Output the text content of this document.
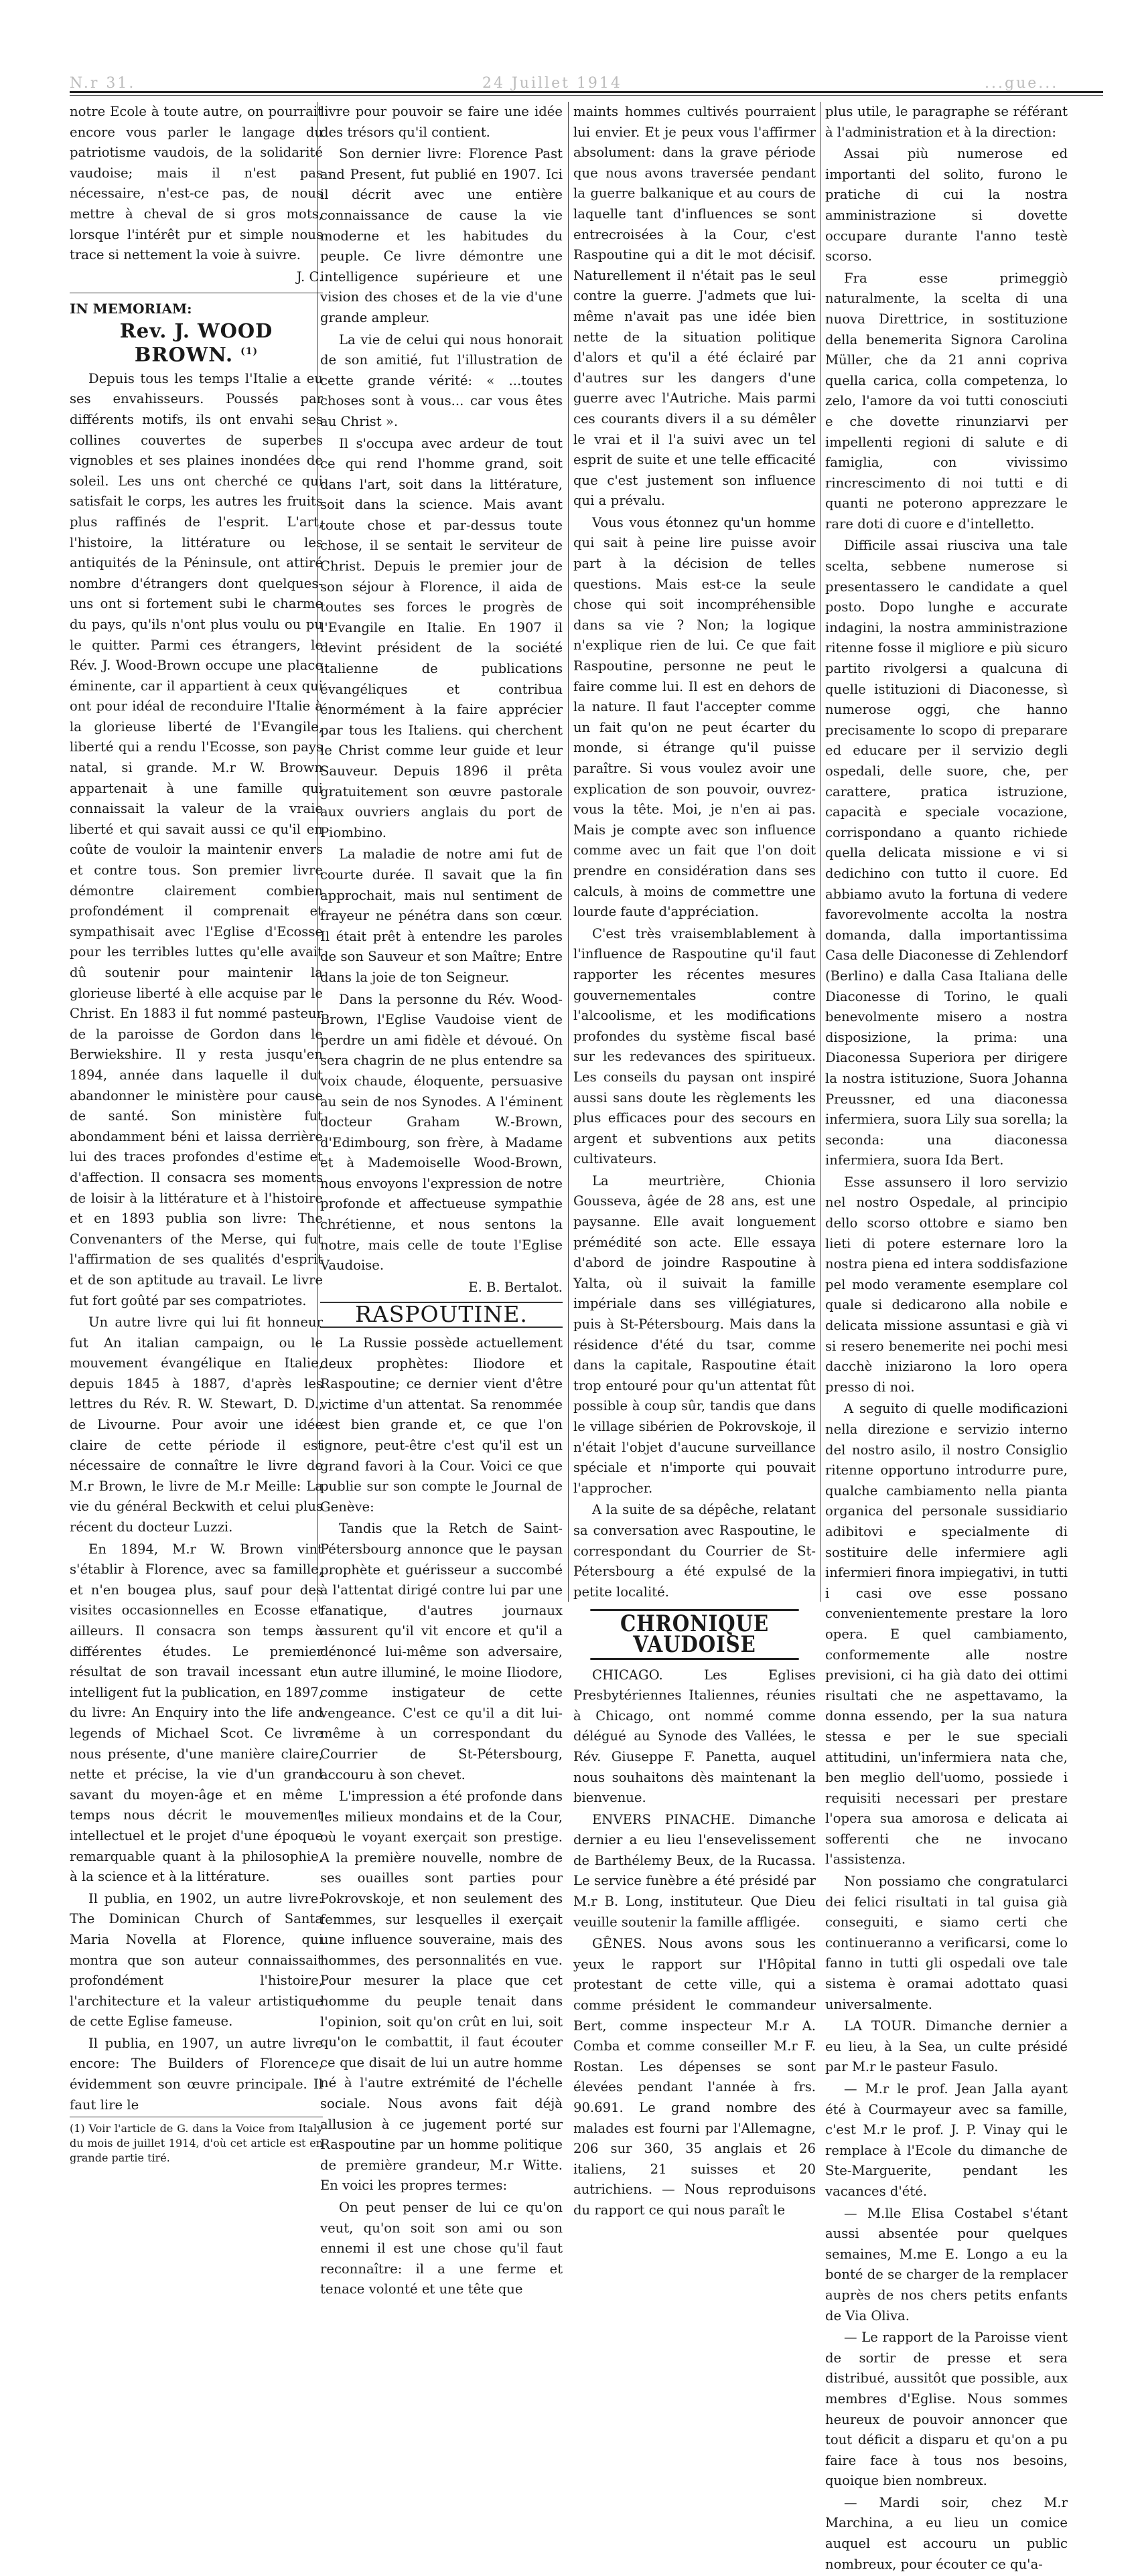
N.r 31.	24 Juillet 1914	...gue...

notre Ecole à toute autre, on pourrait encore vous parler le langage du patriotisme vaudois, de la solidarité vaudoise; mais il n'est pas nécessaire, n'est-ce pas, de nous mettre à cheval de si gros mots, lorsque l'intérêt pur et simple nous trace si nettement la voie à suivre.

J. C.

IN MEMORIAM:

Rev. J. WOOD BROWN. $^{(1)}$

Depuis tous les temps l'Italie a eu ses envahisseurs. Poussés par différents motifs, ils ont envahi ses collines couvertes de superbes vignobles et ses plaines inondées de soleil. Les uns ont cherché ce qui satisfait le corps, les autres les fruits plus raffinés de l'esprit. L'art, l'histoire, la littérature ou les antiquités de la Péninsule, ont attiré nombre d'étrangers dont quelques-uns ont si fortement subi le charme du pays, qu'ils n'ont plus voulu ou pu le quitter. Parmi ces étrangers, le Rév. J. Wood-Brown occupe une place éminente, car il appartient à ceux qui ont pour idéal de reconduire l'Italie à la glorieuse liberté de l'Evangile, liberté qui a rendu l'Ecosse, son pays natal, si grande. M.r W. Brown appartenait à une famille qui connaissait la valeur de la vraie liberté et qui savait aussi ce qu'il en coûte de vouloir la maintenir envers et contre tous. Son premier livre démontre clairement combien profondément il comprenait et sympathisait avec l'Eglise d'Ecosse pour les terribles luttes qu'elle avait dû soutenir pour maintenir la glorieuse liberté à elle acquise par le Christ. En 1883 il fut nommé pasteur de la paroisse de Gordon dans le Berwiekshire. Il y resta jusqu'en 1894, année dans laquelle il dut abandonner le ministère pour cause de santé. Son ministère fut abondamment béni et laissa derrière lui des traces profondes d'estime et d'affection. Il consacra ses moments de loisir à la littérature et à l'histoire et en 1893 publia son livre: The Convenanters of the Merse, qui fut l'affirmation de ses qualités d'esprit et de son aptitude au travail. Le livre fut fort goûté par ses compatriotes.

Un autre livre qui lui fit honneur fut An italian campaign, ou le mouvement évangélique en Italie, depuis 1845 à 1887, d'après les lettres du Rév. R. W. Stewart, D. D., de Livourne. Pour avoir une idée claire de cette période il est nécessaire de connaître le livre de M.r Brown, le livre de M.r Meille: La vie du général Beckwith et celui plus récent du docteur Luzzi.

En 1894, M.r W. Brown vint s'établir à Florence, avec sa famille, et n'en bougea plus, sauf pour des visites occasionnelles en Ecosse et ailleurs. Il consacra son temps à différentes études. Le premier résultat de son travail incessant et intelligent fut la publication, en 1897, du livre: An Enquiry into the life and legends of Michael Scot. Ce livre nous présente, d'une manière claire, nette et précise, la vie d'un grand savant du moyen-âge et en même temps nous décrit le mouvement intellectuel et le projet d'une époque remarquable quant à la philosophie, à la science et à la littérature.

Il publia, en 1902, un autre livre: The Dominican Church of Santa Maria Novella at Florence, qui montra que son auteur connaissait profondément l'histoire, l'architecture et la valeur artistique de cette Eglise fameuse.

Il publia, en 1907, un autre livre encore: The Builders of Florence, évidemment son œuvre principale. Il faut lire le

(1) Voir l'article de G. dans la Voice from Italy du mois de juillet 1914, d'où cet article est en grande partie tiré.

livre pour pouvoir se faire une idée des trésors qu'il contient.

Son dernier livre: Florence Past and Present, fut publié en 1907. Ici il décrit avec une entière connaissance de cause la vie moderne et les habitudes du peuple. Ce livre démontre une intelligence supérieure et une vision des choses et de la vie d'une grande ampleur.

La vie de celui qui nous honorait de son amitié, fut l'illustration de cette grande vérité: « ...toutes choses sont à vous... car vous êtes au Christ ».

Il s'occupa avec ardeur de tout ce qui rend l'homme grand, soit dans l'art, soit dans la littérature, soit dans la science. Mais avant toute chose et par-dessus toute chose, il se sentait le serviteur de Christ. Depuis le premier jour de son séjour à Florence, il aida de toutes ses forces le progrès de l'Evangile en Italie. En 1907 il devint président de la société italienne de publications évangéliques et contribua énormément à la faire apprécier par tous les Italiens. qui cherchent le Christ comme leur guide et leur Sauveur. Depuis 1896 il prêta gratuitement son œuvre pastorale aux ouvriers anglais du port de Piombino.

La maladie de notre ami fut de courte durée. Il savait que la fin approchait, mais nul sentiment de frayeur ne pénétra dans son cœur. Il était prêt à entendre les paroles de son Sauveur et son Maître; Entre dans la joie de ton Seigneur.

Dans la personne du Rév. Wood-Brown, l'Eglise Vaudoise vient de perdre un ami fidèle et dévoué. On sera chagrin de ne plus entendre sa voix chaude, éloquente, persuasive au sein de nos Synodes. A l'éminent docteur Graham W.-Brown, d'Edimbourg, son frère, à Madame et à Mademoiselle Wood-Brown, nous envoyons l'expression de notre profonde et affectueuse sympathie chrétienne, et nous sentons la notre, mais celle de toute l'Eglise Vaudoise.

E. B. Bertalot.

RASPOUTINE.

La Russie possède actuellement deux prophètes: Iliodore et Raspoutine; ce dernier vient d'être victime d'un attentat. Sa renommée est bien grande et, ce que l'on ignore, peut-être c'est qu'il est un grand favori à la Cour. Voici ce que publie sur son compte le Journal de Genève:

Tandis que la Retch de Saint-Pétersbourg annonce que le paysan prophète et guérisseur a succombé à l'attentat dirigé contre lui par une fanatique, d'autres journaux assurent qu'il vit encore et qu'il a dénoncé lui-même son adversaire, un autre illuminé, le moine Iliodore, comme instigateur de cette vengeance. C'est ce qu'il a dit lui-même à un correspondant du Courrier de St-Pétersbourg, accouru à son chevet.

L'impression a été profonde dans les milieux mondains et de la Cour, où le voyant exerçait son prestige. A la première nouvelle, nombre de ses ouailles sont parties pour Pokrovskoje, et non seulement des femmes, sur lesquelles il exerçait une influence souveraine, mais des hommes, des personnalités en vue. Pour mesurer la place que cet homme du peuple tenait dans l'opinion, soit qu'on crût en lui, soit qu'on le combattit, il faut écouter ce que disait de lui un autre homme né à l'autre extrémité de l'échelle sociale. Nous avons fait déjà allusion à ce jugement porté sur Raspoutine par un homme politique de première grandeur, M.r Witte. En voici les propres termes:

On peut penser de lui ce qu'on veut, qu'on soit son ami ou son ennemi il est une chose qu'il faut reconnaître: il a une ferme et tenace volonté et une tête que

maints hommes cultivés pourraient lui envier. Et je peux vous l'affirmer absolument: dans la grave période que nous avons traversée pendant la guerre balkanique et au cours de laquelle tant d'influences se sont entrecroisées à la Cour, c'est Raspoutine qui a dit le mot décisif. Naturellement il n'était pas le seul contre la guerre. J'admets que lui-même n'avait pas une idée bien nette de la situation politique d'alors et qu'il a été éclairé par d'autres sur les dangers d'une guerre avec l'Autriche. Mais parmi ces courants divers il a su démêler le vrai et il l'a suivi avec un tel esprit de suite et une telle efficacité que c'est justement son influence qui a prévalu.

Vous vous étonnez qu'un homme qui sait à peine lire puisse avoir part à la décision de telles questions. Mais est-ce la seule chose qui soit incompréhensible dans sa vie ? Non; la logique n'explique rien de lui. Ce que fait Raspoutine, personne ne peut le faire comme lui. Il est en dehors de la nature. Il faut l'accepter comme un fait qu'on ne peut écarter du monde, si étrange qu'il puisse paraître. Si vous voulez avoir une explication de son pouvoir, ouvrez-vous la tête. Moi, je n'en ai pas. Mais je compte avec son influence comme avec un fait que l'on doit prendre en considération dans ses calculs, à moins de commettre une lourde faute d'appréciation.

C'est très vraisemblablement à l'influence de Raspoutine qu'il faut rapporter les récentes mesures gouvernementales contre l'alcoolisme, et les modifications profondes du système fiscal basé sur les redevances des spiritueux. Les conseils du paysan ont inspiré aussi sans doute les règlements les plus efficaces pour des secours en argent et subventions aux petits cultivateurs.

La meurtrière, Chionia Gousseva, âgée de 28 ans, est une paysanne. Elle avait longuement prémédité son acte. Elle essaya d'abord de joindre Raspoutine à Yalta, où il suivait la famille impériale dans ses villégiatures, puis à St-Pétersbourg. Mais dans la résidence d'été du tsar, comme dans la capitale, Raspoutine était trop entouré pour qu'un attentat fût possible à coup sûr, tandis que dans le village sibérien de Pokrovskoje, il n'était l'objet d'aucune surveillance spéciale et n'importe qui pouvait l'approcher.

A la suite de sa dépêche, relatant sa conversation avec Raspoutine, le correspondant du Courrier de St-Pétersbourg a été expulsé de la petite localité.

CHRONIQUE VAUDOISE

CHICAGO. Les Eglises Presbytériennes Italiennes, réunies à Chicago, ont nommé comme délégué au Synode des Vallées, le Rév. Giuseppe F. Panetta, auquel nous souhaitons dès maintenant la bienvenue.

ENVERS PINACHE. Dimanche dernier a eu lieu l'ensevelissement de Barthélemy Beux, de la Rucassa. Le service funèbre a été présidé par M.r B. Long, instituteur. Que Dieu veuille soutenir la famille affligée.

GÊNES. Nous avons sous les yeux le rapport sur l'Hôpital protestant de cette ville, qui a comme président le commandeur Bert, comme inspecteur M.r A. Comba et comme conseiller M.r F. Rostan. Les dépenses se sont élevées pendant l'année à frs. 90.691. Le grand nombre des malades est fourni par l'Allemagne, 206 sur 360, 35 anglais et 26 italiens, 21 suisses et 20 autrichiens. — Nous reproduisons du rapport ce qui nous paraît le

plus utile, le paragraphe se référant à l'administration et à la direction:

Assai più numerose ed importanti del solito, furono le pratiche di cui la nostra amministrazione si dovette occupare durante l'anno testè scorso.

Fra esse primeggiò naturalmente, la scelta di una nuova Direttrice, in sostituzione della benemerita Signora Carolina Müller, che da 21 anni copriva quella carica, colla competenza, lo zelo, l'amore da voi tutti conosciuti e che dovette rinunziarvi per impellenti regioni di salute e di famiglia, con vivissimo rincrescimento di noi tutti e di quanti ne poterono apprezzare le rare doti di cuore e d'intelletto.

Difficile assai riusciva una tale scelta, sebbene numerose si presentassero le candidate a quel posto. Dopo lunghe e accurate indagini, la nostra amministrazione ritenne fosse il migliore e più sicuro partito rivolgersi a qualcuna di quelle istituzioni di Diaconesse, sì numerose oggi, che hanno precisamente lo scopo di preparare ed educare per il servizio degli ospedali, delle suore, che, per carattere, pratica istruzione, capacità e speciale vocazione, corrispondano a quanto richiede quella delicata missione e vi si dedichino con tutto il cuore. Ed abbiamo avuto la fortuna di vedere favorevolmente accolta la nostra domanda, dalla importantissima Casa delle Diaconesse di Zehlendorf (Berlino) e dalla Casa Italiana delle Diaconesse di Torino, le quali benevolmente misero a nostra disposizione, la prima: una Diaconessa Superiora per dirigere la nostra istituzione, Suora Johanna Preussner, ed una diaconessa infermiera, suora Lily sua sorella; la seconda: una diaconessa infermiera, suora Ida Bert.

Esse assunsero il loro servizio nel nostro Ospedale, al principio dello scorso ottobre e siamo ben lieti di potere esternare loro la nostra piena ed intera soddisfazione pel modo veramente esemplare col quale si dedicarono alla nobile e delicata missione assuntasi e già vi si resero benemerite nei pochi mesi dacchè iniziarono la loro opera presso di noi.

A seguito di quelle modificazioni nella direzione e servizio interno del nostro asilo, il nostro Consiglio ritenne opportuno introdurre pure, qualche cambiamento nella pianta organica del personale sussidiario adibitovi e specialmente di sostituire delle infermiere agli infermieri finora impiegativi, in tutti i casi ove esse possano convenientemente prestare la loro opera. E quel cambiamento, conformemente alle nostre previsioni, ci ha già dato dei ottimi risultati che ne aspettavamo, la donna essendo, per la sua natura stessa e per le sue speciali attitudini, un'infermiera nata che, ben meglio dell'uomo, possiede i requisiti necessari per prestare l'opera sua amorosa e delicata ai sofferenti che ne invocano l'assistenza.

Non possiamo che congratularci dei felici risultati in tal guisa già conseguiti, e siamo certi che continueranno a verificarsi, come lo fanno in tutti gli ospedali ove tale sistema è oramai adottato quasi universalmente.

LA TOUR. Dimanche dernier a eu lieu, à la Sea, un culte présidé par M.r le pasteur Fasulo.

— M.r le prof. Jean Jalla ayant été à Courmayeur avec sa famille, c'est M.r le prof. J. P. Vinay qui le remplace à l'Ecole du dimanche de Ste-Marguerite, pendant les vacances d'été.

— M.lle Elisa Costabel s'étant aussi absentée pour quelques semaines, M.me E. Longo a eu la bonté de se charger de la remplacer auprès de nos chers petits enfants de Via Oliva.

— Le rapport de la Paroisse vient de sortir de presse et sera distribué, aussitôt que possible, aux membres d'Eglise. Nous sommes heureux de pouvoir annoncer que tout déficit a disparu et qu'on a pu faire face à tous nos besoins, quoique bien nombreux.

— Mardi soir, chez M.r Marchina, a eu lieu un comice auquel est accouru un public nombreux, pour écouter ce qu'a-
